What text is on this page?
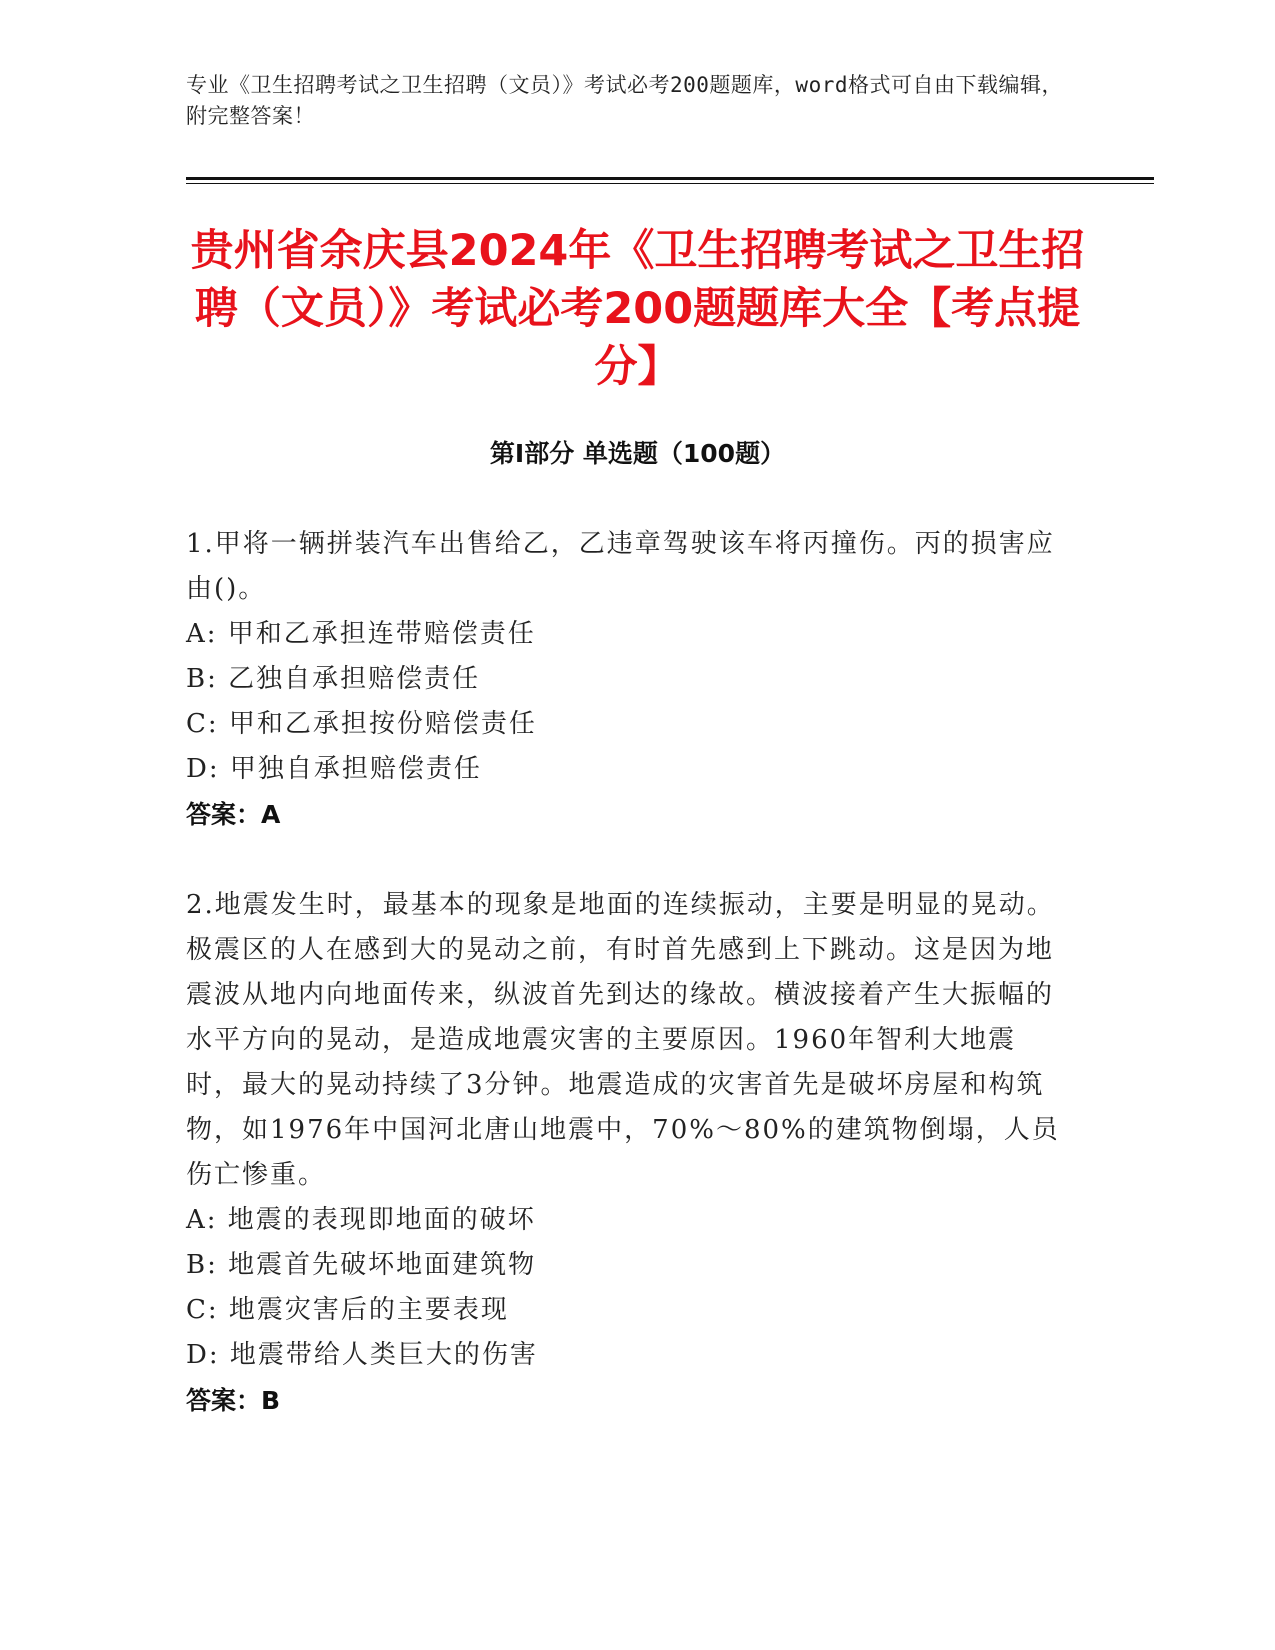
专业《卫生招聘考试之卫生招聘（文员）》考试必考200题题库，word格式可自由下载编辑，附完整答案！
贵州省余庆县2024年《卫生招聘考试之卫生招聘（文员）》考试必考200题题库大全【考点提分】
第Ⅰ部分 单选题（100题）
1.甲将一辆拼装汽车出售给乙，乙违章驾驶该车将丙撞伤。丙的损害应由()。
A: 甲和乙承担连带赔偿责任
B: 乙独自承担赔偿责任
C: 甲和乙承担按份赔偿责任
D: 甲独自承担赔偿责任
答案：A
2.地震发生时，最基本的现象是地面的连续振动，主要是明显的晃动。极震区的人在感到大的晃动之前，有时首先感到上下跳动。这是因为地震波从地内向地面传来，纵波首先到达的缘故。横波接着产生大振幅的水平方向的晃动，是造成地震灾害的主要原因。1960年智利大地震时，最大的晃动持续了3分钟。地震造成的灾害首先是破坏房屋和构筑物，如1976年中国河北唐山地震中，70%～80%的建筑物倒塌，人员伤亡惨重。
A: 地震的表现即地面的破坏
B: 地震首先破坏地面建筑物
C: 地震灾害后的主要表现
D: 地震带给人类巨大的伤害
答案：B
